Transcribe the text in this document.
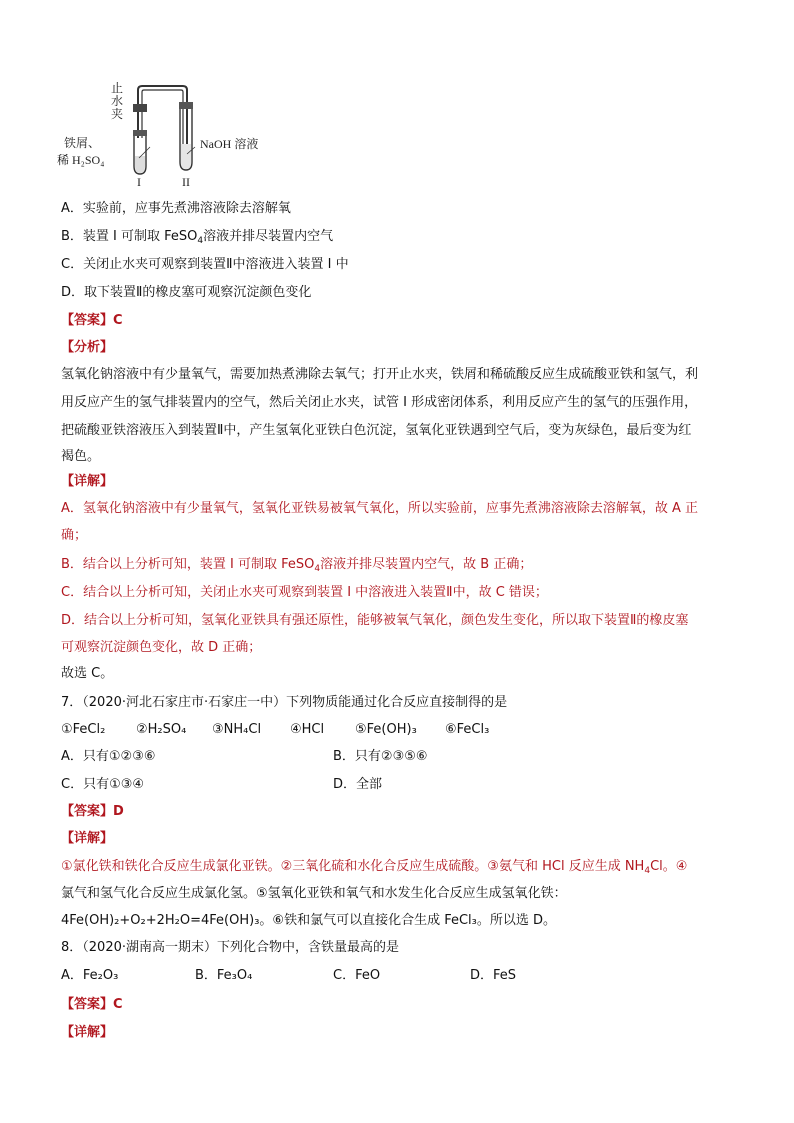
止
水
夹
铁屑、
稀 H₂SO₄
NaOH 溶液
I	II
A．实验前，应事先煮沸溶液除去溶解氧
B．装置 I 可制取 FeSO$_4$溶液并排尽装置内空气
C．关闭止水夹可观察到装置Ⅱ中溶液进入装置 I 中
D．取下装置Ⅱ的橡皮塞可观察沉淀颜色变化
【答案】C
【分析】
氢氧化钠溶液中有少量氧气，需要加热煮沸除去氧气；打开止水夹，铁屑和稀硫酸反应生成硫酸亚铁和氢气，利
用反应产生的氢气排装置内的空气，然后关闭止水夹，试管 I 形成密闭体系，利用反应产生的氢气的压强作用，
把硫酸亚铁溶液压入到装置Ⅱ中，产生氢氧化亚铁白色沉淀，氢氧化亚铁遇到空气后，变为灰绿色，最后变为红
褐色。
【详解】
A．氢氧化钠溶液中有少量氧气，氢氧化亚铁易被氧气氧化，所以实验前，应事先煮沸溶液除去溶解氧，故 A 正
确；
B．结合以上分析可知，装置 I 可制取 FeSO$_4$溶液并排尽装置内空气，故 B 正确；
C．结合以上分析可知，关闭止水夹可观察到装置 I 中溶液进入装置Ⅱ中，故 C 错误；
D．结合以上分析可知，氢氧化亚铁具有强还原性，能够被氧气氧化，颜色发生变化，所以取下装置Ⅱ的橡皮塞
可观察沉淀颜色变化，故 D 正确；
故选 C。
7．（2020·河北石家庄市·石家庄一中）下列物质能通过化合反应直接制得的是
①FeCl₂ ②H₂SO₄ ③NH₄Cl ④HCl ⑤Fe(OH)₃ ⑥FeCl₃
A．只有①②③⑥	B．只有②③⑤⑥
C．只有①③④	D．全部
【答案】D
【详解】
①氯化铁和铁化合反应生成氯化亚铁。②三氧化硫和水化合反应生成硫酸。③氨气和 HCl 反应生成 $NH_4Cl$。④
氯气和氢气化合反应生成氯化氢。⑤氢氧化亚铁和氧气和水发生化合反应生成氢氧化铁：
4Fe(OH)₂+O₂+2H₂O=4Fe(OH)₃。⑥铁和氯气可以直接化合生成 FeCl₃。所以选 D。
8．（2020·湖南高一期末）下列化合物中，含铁量最高的是
A．Fe₂O₃	B．Fe₃O₄	C．FeO	D．FeS
【答案】C
【详解】
